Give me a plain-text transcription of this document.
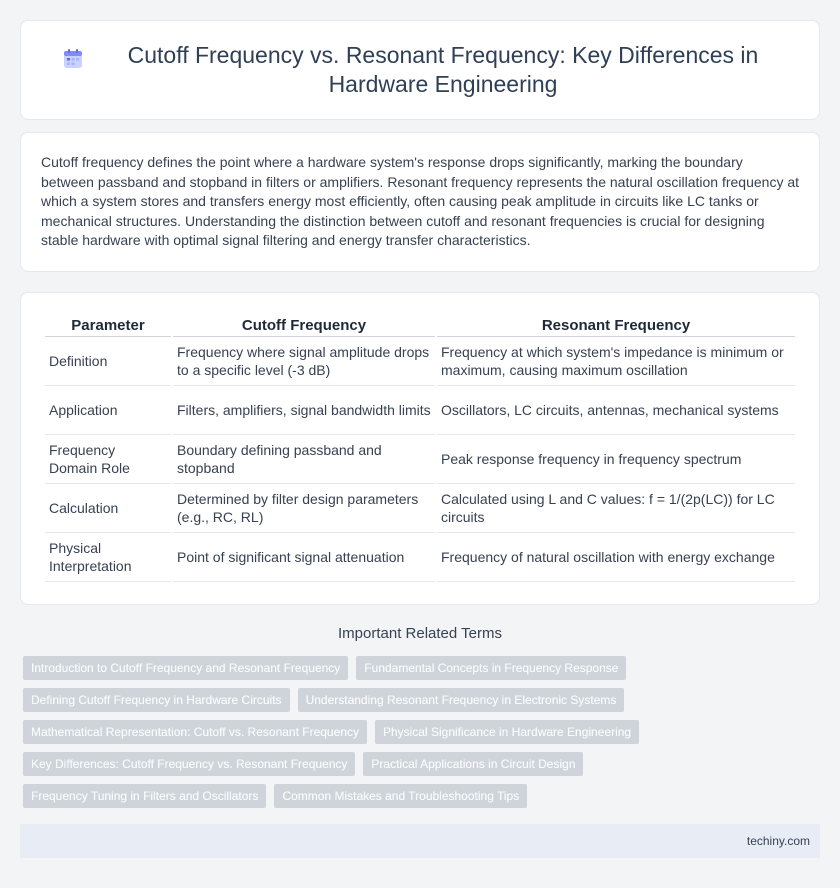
Cutoff Frequency vs. Resonant Frequency: Key Differences in Hardware Engineering

Cutoff frequency defines the point where a hardware system's response drops significantly, marking the boundary between passband and stopband in filters or amplifiers. Resonant frequency represents the natural oscillation frequency at which a system stores and transfers energy most efficiently, often causing peak amplitude in circuits like LC tanks or mechanical structures. Understanding the distinction between cutoff and resonant frequencies is crucial for designing stable hardware with optimal signal filtering and energy transfer characteristics.

Parameter	Cutoff Frequency	Resonant Frequency
Definition	Frequency where signal amplitude drops to a specific level (-3 dB)	Frequency at which system's impedance is minimum or maximum, causing maximum oscillation
Application	Filters, amplifiers, signal bandwidth limits	Oscillators, LC circuits, antennas, mechanical systems
Frequency Domain Role	Boundary defining passband and stopband	Peak response frequency in frequency spectrum
Calculation	Determined by filter design parameters (e.g., RC, RL)	Calculated using L and C values: f = 1/(2p(LC)) for LC circuits
Physical Interpretation	Point of significant signal attenuation	Frequency of natural oscillation with energy exchange
Important Related Terms
Introduction to Cutoff Frequency and Resonant Frequency	Fundamental Concepts in Frequency Response
Defining Cutoff Frequency in Hardware Circuits	Understanding Resonant Frequency in Electronic Systems
Mathematical Representation: Cutoff vs. Resonant Frequency	Physical Significance in Hardware Engineering
Key Differences: Cutoff Frequency vs. Resonant Frequency	Practical Applications in Circuit Design
Frequency Tuning in Filters and Oscillators	Common Mistakes and Troubleshooting Tips
techiny.com
